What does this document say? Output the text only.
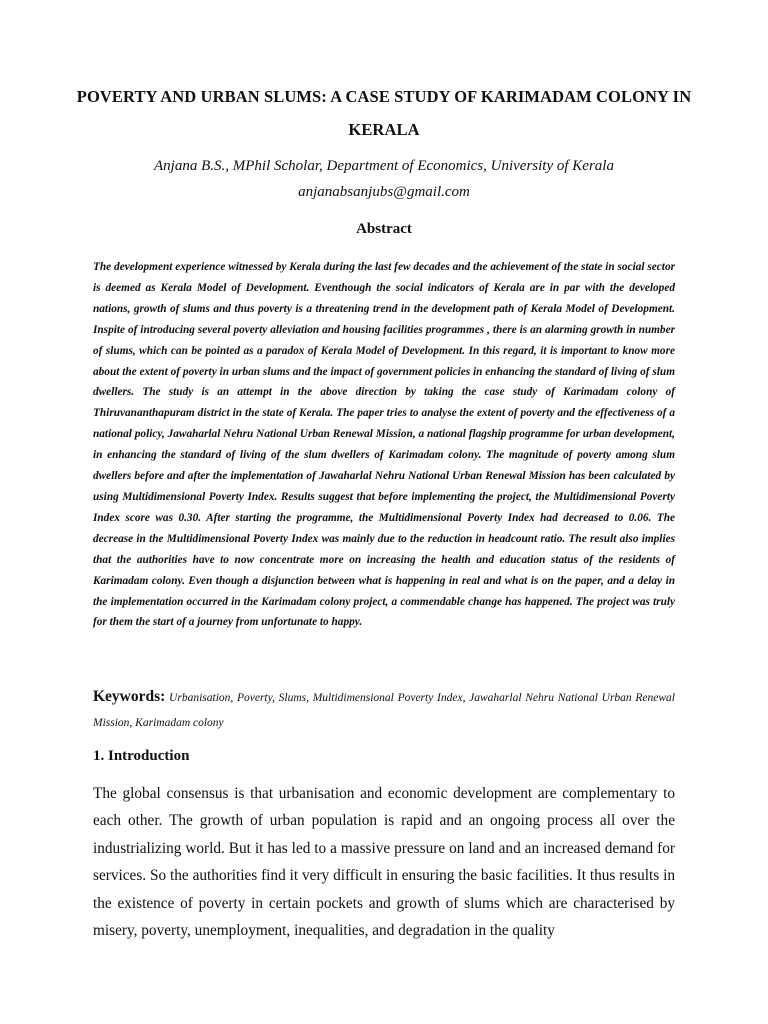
POVERTY AND URBAN SLUMS: A CASE STUDY OF KARIMADAM COLONY IN KERALA
Anjana B.S., MPhil Scholar, Department of Economics, University of Kerala
anjanabsanjubs@gmail.com
Abstract

The development experience witnessed by Kerala during the last few decades and the achievement of the state in social sector is deemed as Kerala Model of Development. Eventhough the social indicators of Kerala are in par with the developed nations, growth of slums and thus poverty is a threatening trend in the development path of Kerala Model of Development. Inspite of introducing several poverty alleviation and housing facilities programmes , there is an alarming growth in number of slums, which can be pointed as a paradox of Kerala Model of Development. In this regard, it is important to know more about the extent of poverty in urban slums and the impact of government policies in enhancing the standard of living of slum dwellers. The study is an attempt in the above direction by taking the case study of Karimadam colony of Thiruvananthapuram district in the state of Kerala. The paper tries to analyse the extent of poverty and the effectiveness of a national policy, Jawaharlal Nehru National Urban Renewal Mission, a national flagship programme for urban development, in enhancing the standard of living of the slum dwellers of Karimadam colony. The magnitude of poverty among slum dwellers before and after the implementation of Jawaharlal Nehru National Urban Renewal Mission has been calculated by using Multidimensional Poverty Index. Results suggest that before implementing the project, the Multidimensional Poverty Index score was 0.30. After starting the programme, the Multidimensional Poverty Index had decreased to 0.06. The decrease in the Multidimensional Poverty Index was mainly due to the reduction in headcount ratio. The result also implies that the authorities have to now concentrate more on increasing the health and education status of the residents of Karimadam colony. Even though a disjunction between what is happening in real and what is on the paper, and a delay in the implementation occurred in the Karimadam colony project, a commendable change has happened. The project was truly for them the start of a journey from unfortunate to happy.

Keywords: Urbanisation, Poverty, Slums, Multidimensional Poverty Index, Jawaharlal Nehru National Urban Renewal Mission, Karimadam colony

1. Introduction

The global consensus is that urbanisation and economic development are complementary to each other. The growth of urban population is rapid and an ongoing process all over the industrializing world. But it has led to a massive pressure on land and an increased demand for services. So the authorities find it very difficult in ensuring the basic facilities. It thus results in the existence of poverty in certain pockets and growth of slums which are characterised by misery, poverty, unemployment, inequalities, and degradation in the quality
